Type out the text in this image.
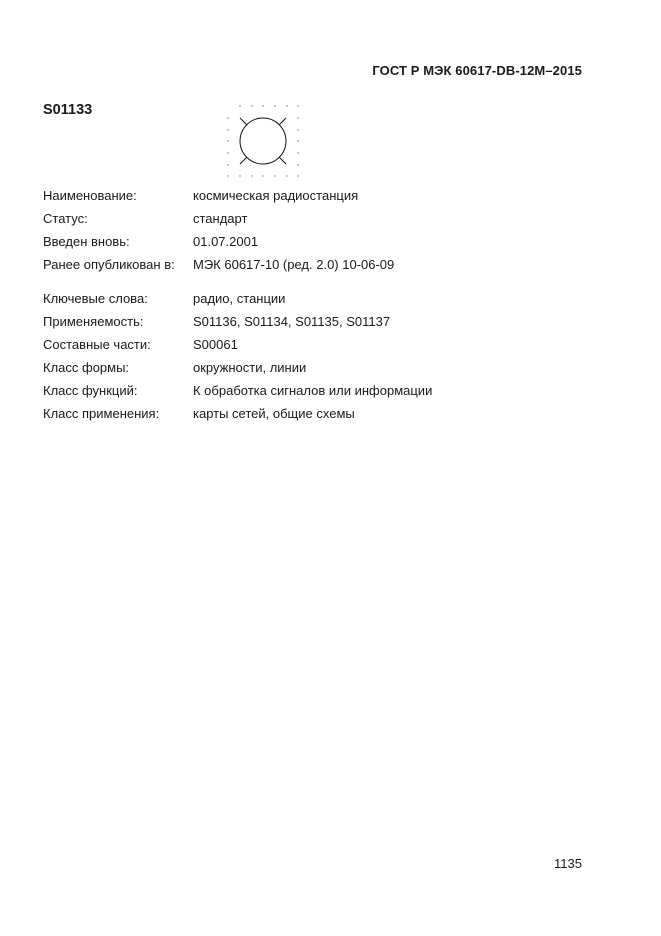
ГОСТ Р МЭК 60617-DB-12M–2015
S01133
Наименование:	космическая радиостанция
Статус:	стандарт
Введен вновь:	01.07.2001
Ранее опубликован в:	МЭК 60617-10 (ред. 2.0) 10-06-09
Ключевые слова:	радио, станции
Применяемость:	S01136, S01134, S01135, S01137
Составные части:	S00061
Класс формы:	окружности, линии
Класс функций:	К обработка сигналов или информации
Класс применения:	карты сетей, общие схемы
1135
